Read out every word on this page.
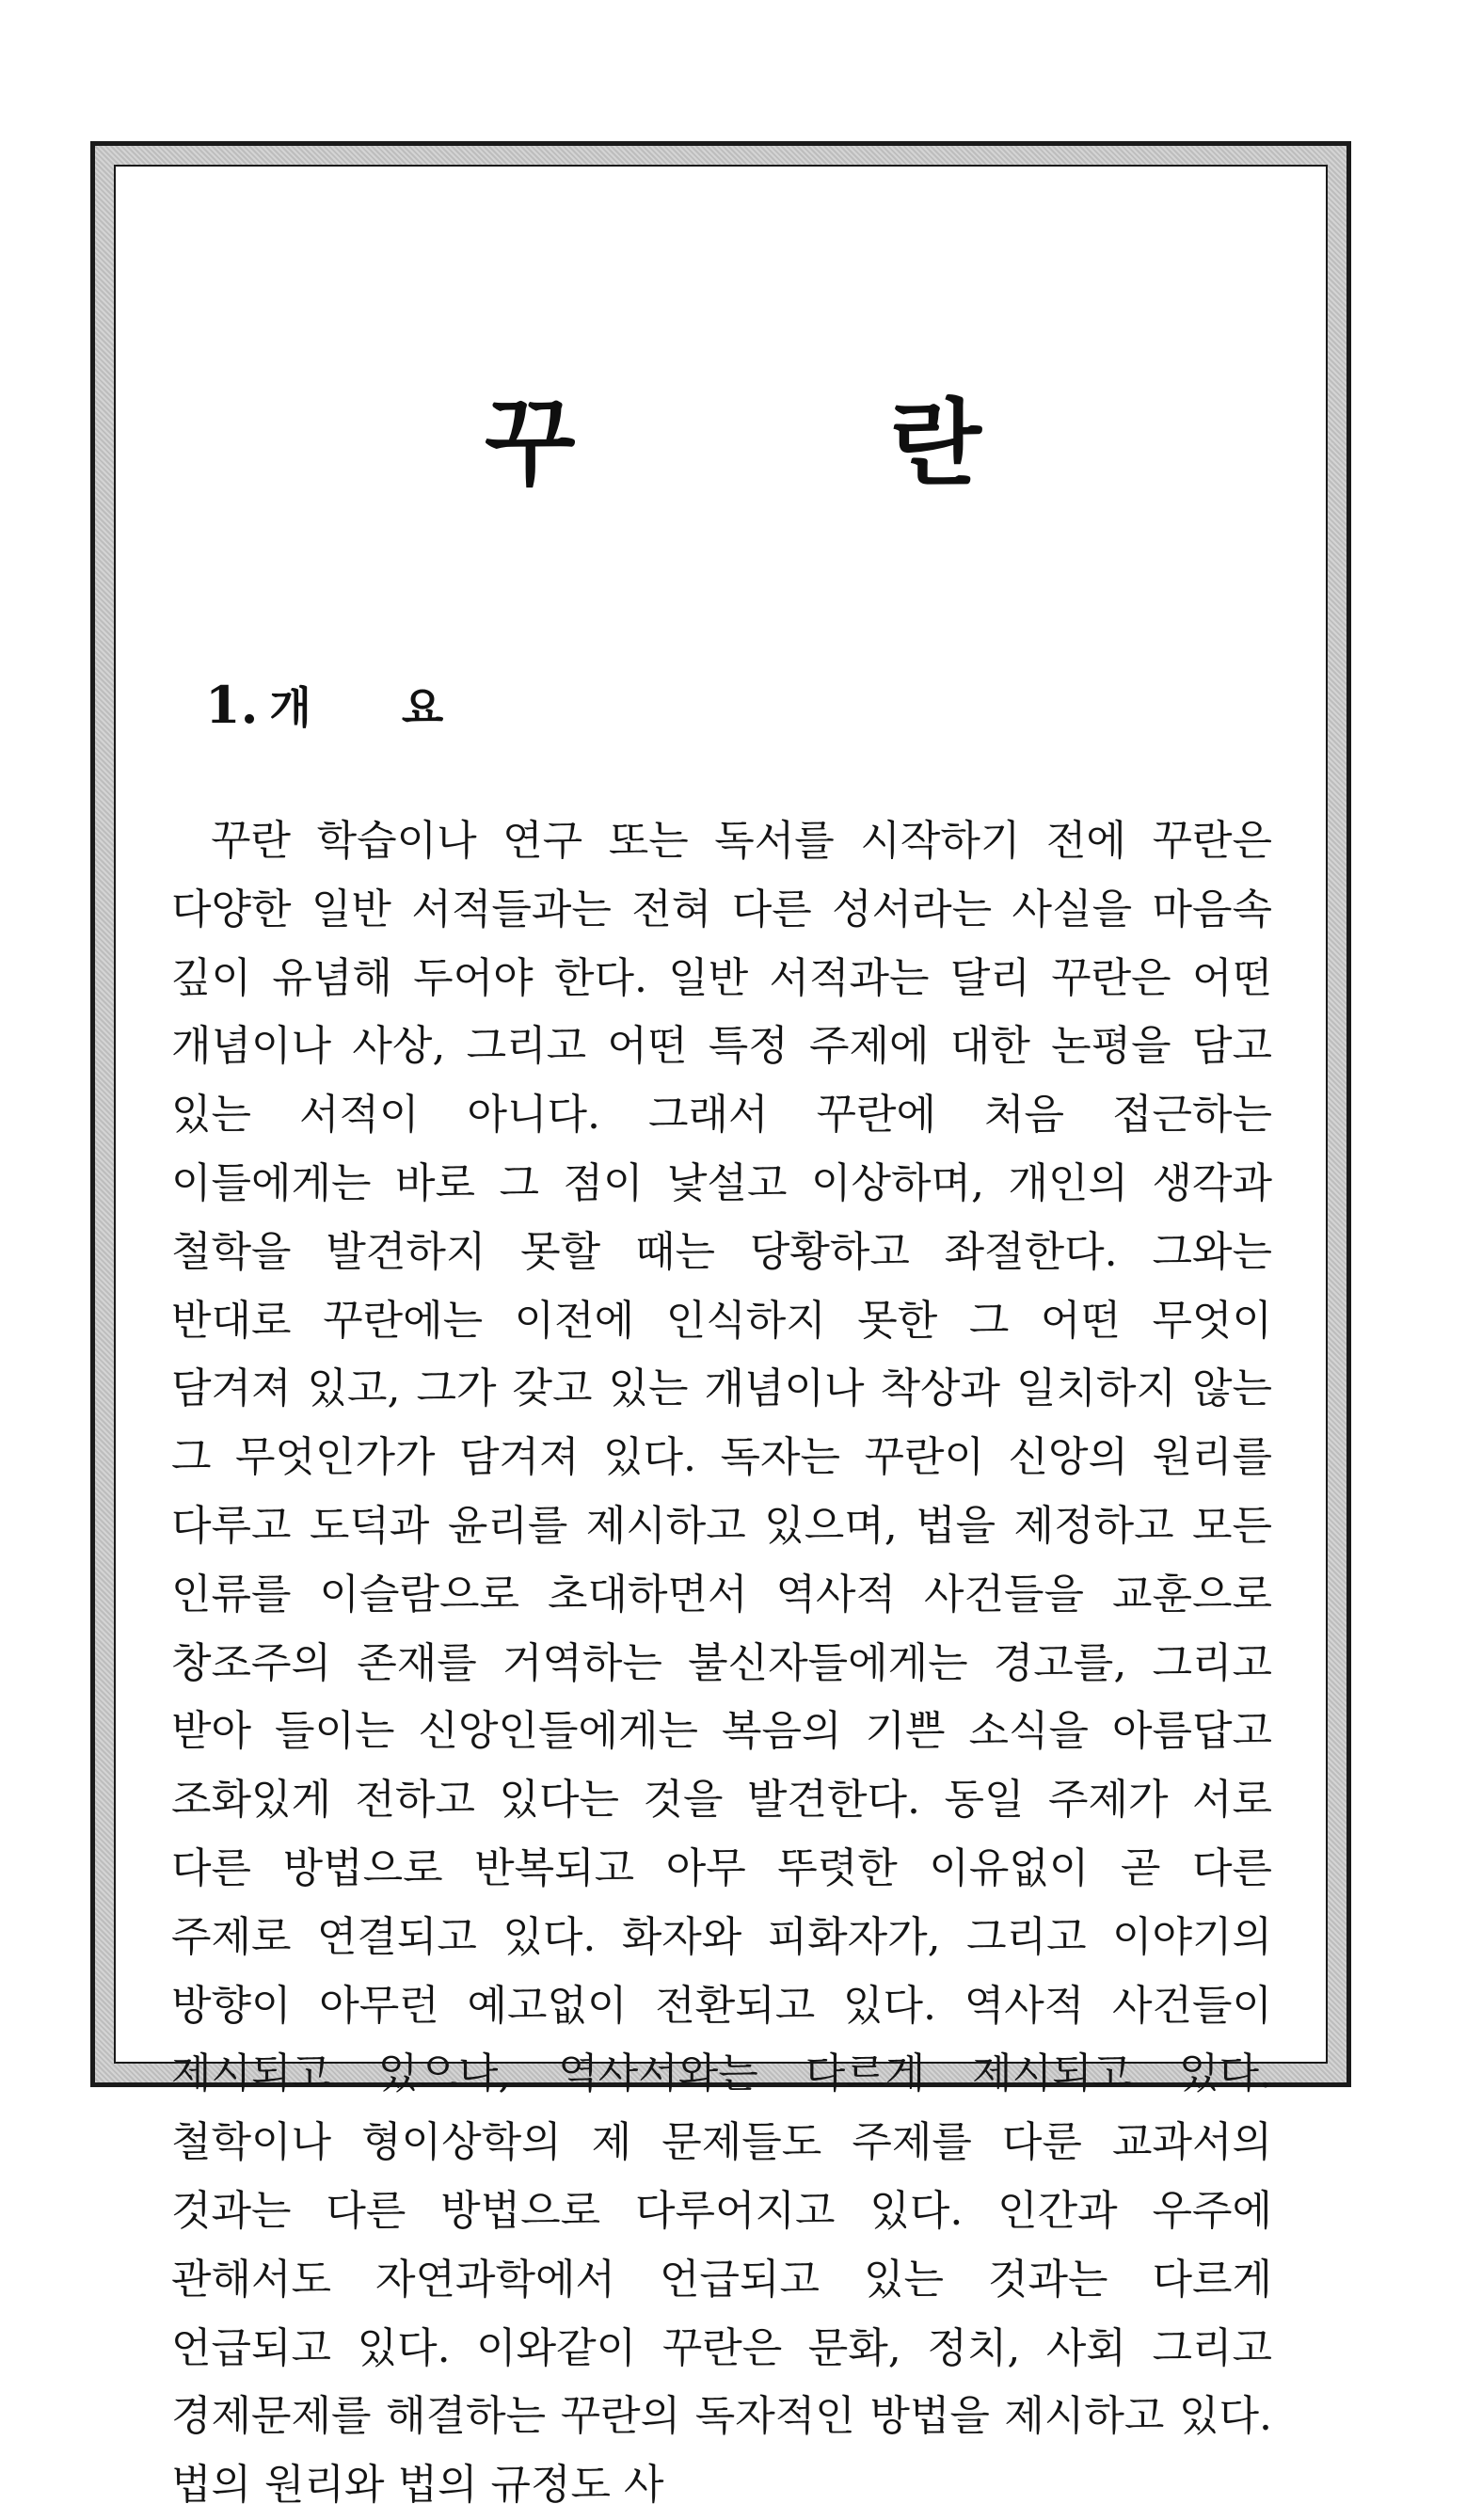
꾸 란
1. 개 요

꾸란 학습이나 연구 또는 독서를 시작하기 전에 꾸란은 다양한 일반 서적들과는 전혀 다른 성서라는 사실을 마음속 깊이 유념해 두어야 한다. 일반 서적과는 달리 꾸란은 어떤 개념이나 사상, 그리고 어떤 특정 주제에 대한 논평을 담고 있는 서적이 아니다. 그래서 꾸란에 처음 접근하는 이들에게는 바로 그 점이 낯설고 이상하며, 개인의 생각과 철학을 발견하지 못할 때는 당황하고 좌절한다. 그와는 반대로 꾸란에는 이전에 인식하지 못한 그 어떤 무엇이 담겨져 있고, 그가 갖고 있는 개념이나 착상과 일치하지 않는 그 무엇인가가 담겨져 있다. 독자는 꾸란이 신앙의 원리를 다루고 도덕과 윤리를 제시하고 있으며, 법을 제정하고 모든 인류를 이슬람으로 초대하면서 역사적 사건들을 교훈으로 창조주의 존재를 거역하는 불신자들에게는 경고를, 그리고 받아 들이는 신앙인들에게는 복음의 기쁜 소식을 아름답고 조화있게 전하고 있다는 것을 발견한다. 동일 주제가 서로 다른 방법으로 반복되고 아무 뚜렷한 이유없이 곧 다른 주제로 연결되고 있다. 화자와 피화자가, 그리고 이야기의 방향이 아무런 예고없이 전환되고 있다. 역사적 사건들이 제시되고 있으나, 역사서와는 다르게 제시되고 있다. 철학이나 형이상학의 제 문제들도 주제를 다룬 교과서의 것과는 다른 방법으로 다루어지고 있다. 인간과 우주에 관해서도 자연과학에서 언급되고 있는 것과는 다르게 언급되고 있다. 이와같이 꾸란은 문화, 정치, 사회 그리고 경제문제를 해결하는 꾸란의 독자적인 방법을 제시하고 있다. 법의 원리와 법의 규정도 사
